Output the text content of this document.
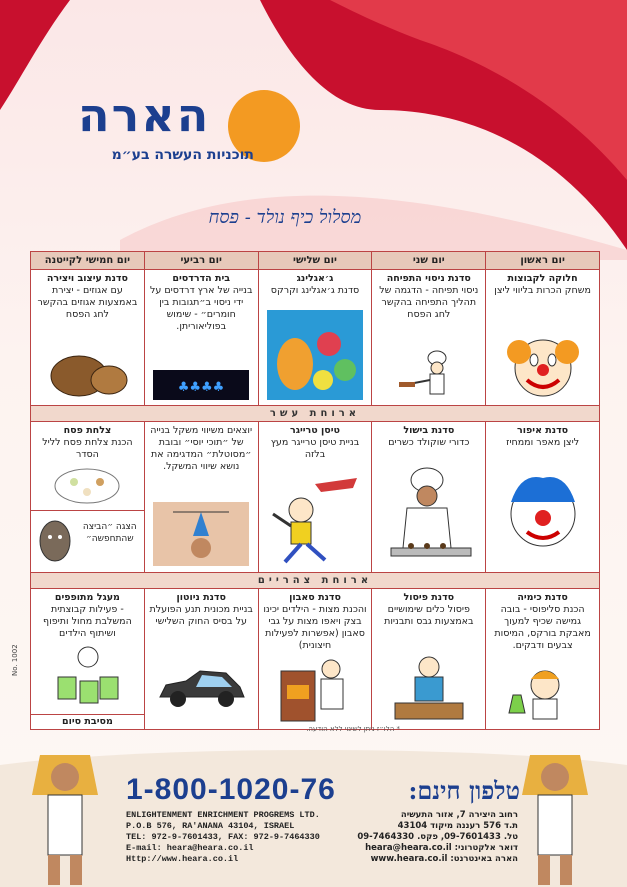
הארה
תוכניות העשרה בע״מ
מסלול כיף נולד - פסח
יום ראשון
יום שני
יום שלישי
יום רביעי
יום חמישי לקייטנה
חלוקה לקבוצות
משחק הכרות בליווי ליצן
סדנת ניסוי התפיחה
ניסוי תפיחה - הדגמה של תהליך התפיחה בהקשר לחג הפסח
ג׳אגלינג
סדנת ג׳אגלינג וקרקס
בית הדרדסים
בנייה של ארץ דרדסים על ידי ניסוי ב״תגובות בין חומרים״ - שימוש בפוליאוריתן.
♣♣♣♣
סדנת עיצוב ויצירה
עם אגוזים - יצירת באמצעות אגוזים בהקשר לחג הפסח
ארוחת עשר
סדנת איפור
ליצן מאפר וממחיז
סדנת בישול
כדורי שוקולד כשרים
טיסן טרייגר
בניית טיסן טרייגר מעץ בלזה
יוצאים משיווי משקל בנייה של ״תוכי יוסי״ ובובת ״מסוטלת״ המדגימה את נושא שיווי המשקל.
צלחת פסח
הכנת צלחת פסח לליל הסדר
הצגה ״הביצה שהתחפשה״
ארוחת צהריים
סדנת כימיה
הכנת סליפוסי - בובה גמישה שכיף למעוך מאבקת בורקס, המיסות צבעים ודבקים.
סדנת פיסול
פיסול כלים שימושיים באמצעות גבס ותבניות
סדנת סאבון
והכנת מצות - הילדים יכינו בצק ויאפו מצות על גבי סאבון (אפשרות לפעילות חיצונית)
סדנת ניוטון
בניית מכונית תנע הפועלת על בסיס החוק השלישי
מעגל מתופפים
- פעילות קבוצתית המשלבת מחול ותיפוף ושיתוף הילדים
מסיבת סיום
* הלו״ז ניתן לשינוי ללא הודעה.
No. 1002
טלפון חינם:
1-800-1020-76
ENLIGHTENMENT ENRICHMENT PROGREMS LTD.
P.O.B 576, RA'ANANA 43104, ISRAEL
TEL: 972-9-7601433, FAX: 972-9-7464330
E-mail: heara@heara.co.il
Http://www.heara.co.il
רחוב היצירה 7, אזור התעשיה
ת.ד 576 רעננה מיקוד 43104
טל. 09-7601433, פקס. 09-7464330
דואר אלקטרוני: heara@heara.co.il
הארה באינטרנט: www.heara.co.il
